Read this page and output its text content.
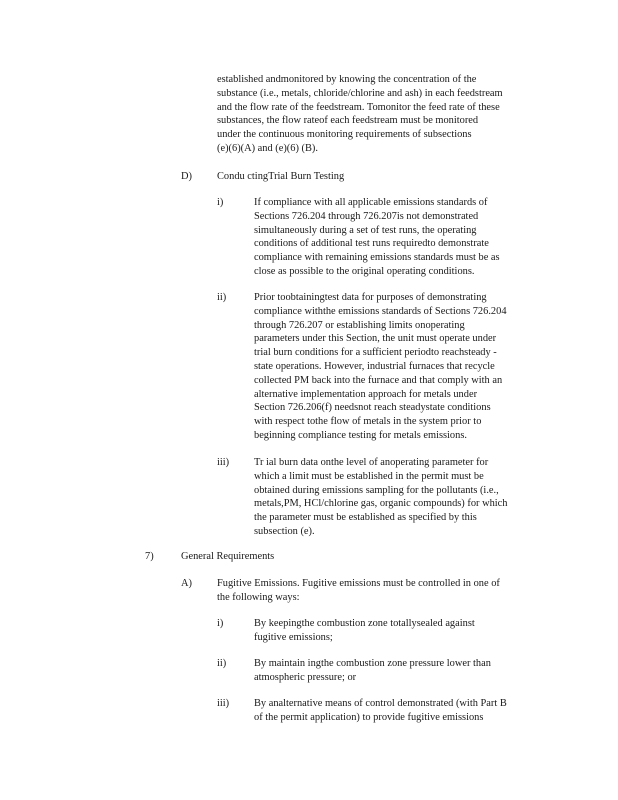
established andmonitored by knowing the concentration of the
substance (i.e., metals, chloride/chlorine and ash) in each feedstream
and the flow rate of the feedstream. Tomonitor the feed rate of these
substances, the flow rateof each feedstream must be monitored
under the continuous monitoring requirements of subsections
(e)(6)(A) and (e)(6) (B).
D) Condu ctingTrial Burn Testing
i)	If compliance with all applicable emissions standards of
Sections 726.204 through 726.207is not demonstrated
simultaneously during a set of test runs, the operating
conditions of additional test runs requiredto demonstrate
compliance with remaining emissions standards must be as
close as possible to the original operating conditions.
ii)	Prior toobtainingtest data for purposes of demonstrating
compliance withthe emissions standards of Sections 726.204
through 726.207 or establishing limits onoperating
parameters under this Section, the unit must operate under
trial burn conditions for a sufficient periodto reachsteady -
state operations. However, industrial furnaces that recycle
collected PM back into the furnace and that comply with an
alternative implementation approach for metals under
Section 726.206(f) needsnot reach steadystate conditions
with respect tothe flow of metals in the system prior to
beginning compliance testing for metals emissions.
iii) Tr ial burn data onthe level of anoperating parameter for
which a limit must be established in the permit must be
obtained during emissions sampling for the pollutants (i.e.,
metals,PM, HCl/chlorine gas, organic compounds) for which
the parameter must be established as specified by this
subsection (e).
7)	General Requirements
A) Fugitive Emissions. Fugitive emissions must be controlled in one of
the following ways:
i)	By keepingthe combustion zone totallysealed against
fugitive emissions;
ii)	By maintain ingthe combustion zone pressure lower than
atmospheric pressure; or
iii) By analternative means of control demonstrated (with Part B
of the permit application) to provide fugitive emissions
